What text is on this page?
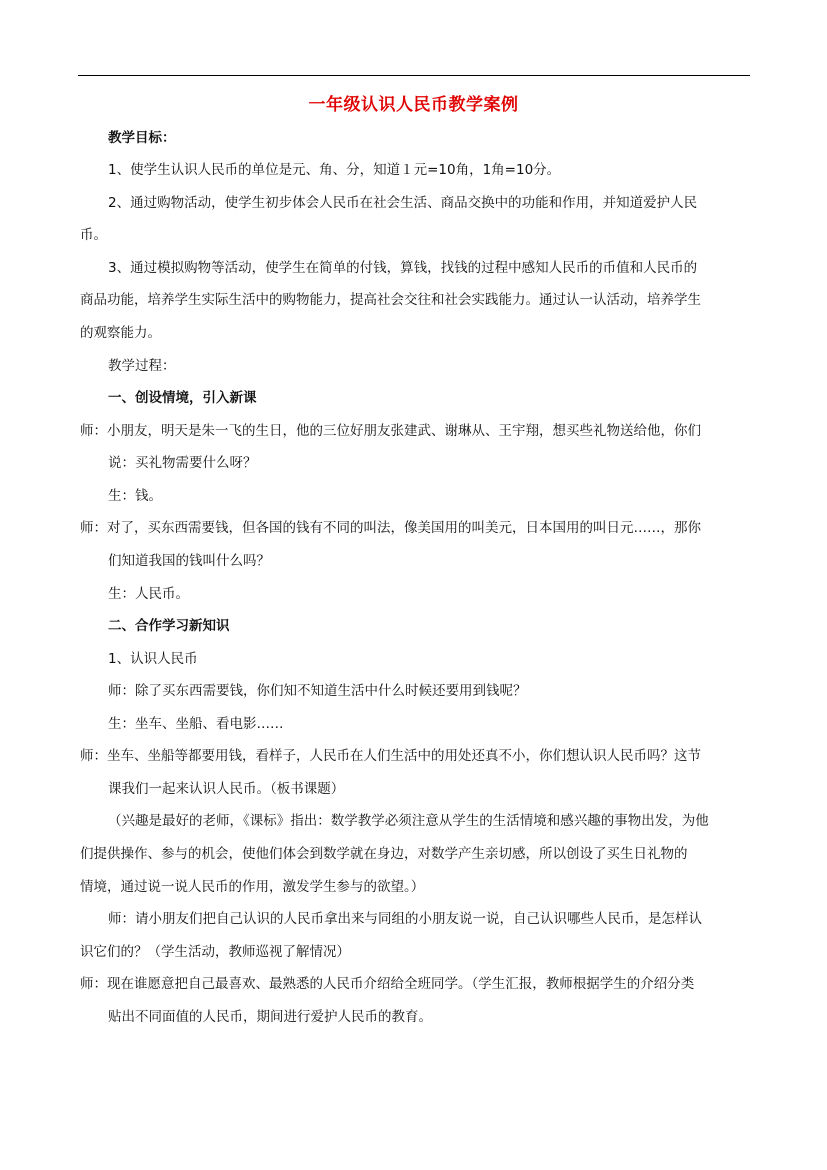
一年级认识人民币教学案例
教学目标：
1、使学生认识人民币的单位是元、角、分，知道１元=10角，1角=10分。
2、通过购物活动，使学生初步体会人民币在社会生活、商品交换中的功能和作用，并知道爱护人民
币。
3、通过模拟购物等活动，使学生在简单的付钱，算钱，找钱的过程中感知人民币的币值和人民币的
商品功能，培养学生实际生活中的购物能力，提高社会交往和社会实践能力。通过认一认活动，培养学生
的观察能力。
教学过程：
一、创设情境，引入新课
师：小朋友，明天是朱一飞的生日，他的三位好朋友张建武、谢琳从、王宇翔，想买些礼物送给他，你们
说：买礼物需要什么呀？
生：钱。
师：对了，买东西需要钱，但各国的钱有不同的叫法，像美国用的叫美元，日本国用的叫日元……，那你
们知道我国的钱叫什么吗？
生：人民币。
二、合作学习新知识
1、认识人民币
师：除了买东西需要钱，你们知不知道生活中什么时候还要用到钱呢？
生：坐车、坐船、看电影……
师：坐车、坐船等都要用钱，看样子，人民币在人们生活中的用处还真不小，你们想认识人民币吗？这节
课我们一起来认识人民币。（板书课题）
（兴趣是最好的老师，《课标》指出：数学教学必须注意从学生的生活情境和感兴趣的事物出发，为他
们提供操作、参与的机会，使他们体会到数学就在身边，对数学产生亲切感，所以创设了买生日礼物的
情境，通过说一说人民币的作用，激发学生参与的欲望。）
师：请小朋友们把自己认识的人民币拿出来与同组的小朋友说一说，自己认识哪些人民币，是怎样认
识它们的？（学生活动，教师巡视了解情况）
师：现在谁愿意把自己最喜欢、最熟悉的人民币介绍给全班同学。（学生汇报，教师根据学生的介绍分类
贴出不同面值的人民币，期间进行爱护人民币的教育。
